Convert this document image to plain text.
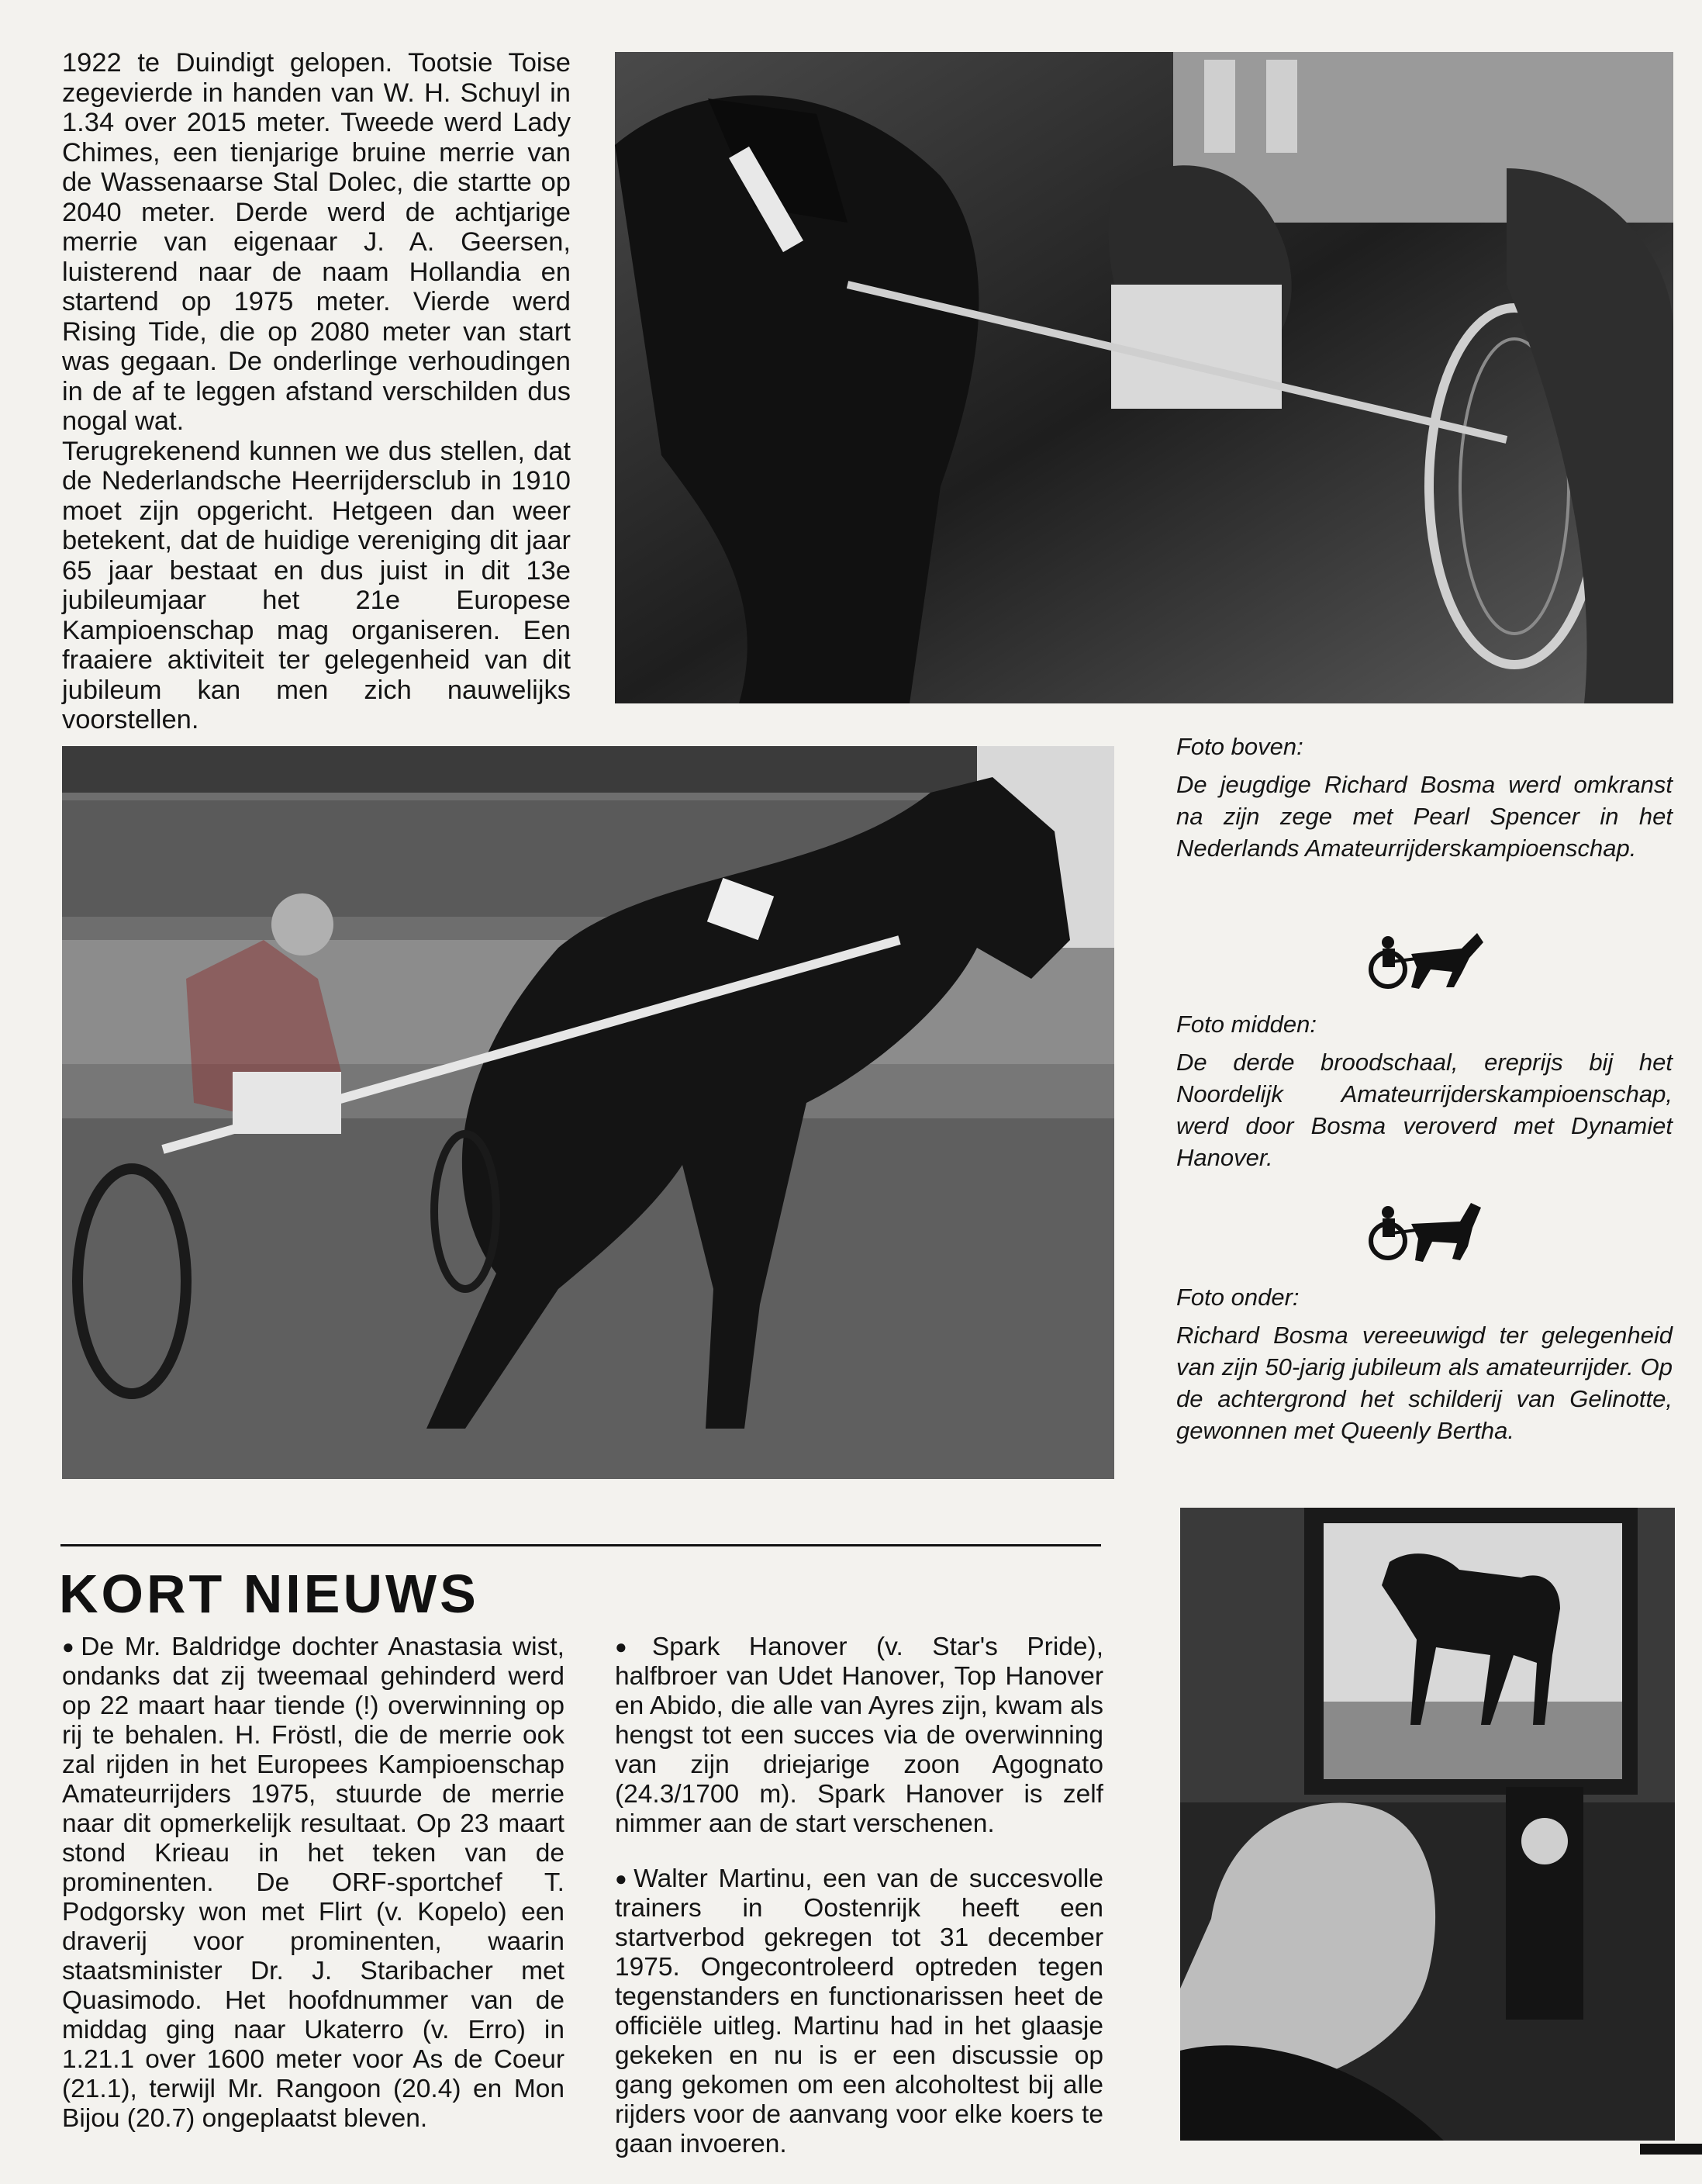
1922 te Duindigt gelopen. Tootsie Toise zegevierde in handen van W. H. Schuyl in 1.34 over 2015 meter. Tweede werd Lady Chimes, een tienjarige bruine merrie van de Wassenaarse Stal Dolec, die startte op 2040 meter. Derde werd de achtjarige merrie van eigenaar J. A. Geersen, luisterend naar de naam Hollandia en startend op 1975 meter. Vierde werd Rising Tide, die op 2080 meter van start was gegaan. De onderlinge verhoudingen in de af te leggen afstand verschilden dus nogal wat.

Terugrekenend kunnen we dus stellen, dat de Nederlandsche Heerrijdersclub in 1910 moet zijn opgericht. Hetgeen dan weer betekent, dat de huidige vereniging dit jaar 65 jaar bestaat en dus juist in dit 13e jubileumjaar het 21e Europese Kampioenschap mag organiseren. Een fraaiere aktiviteit ter gelegenheid van dit jubileum kan men zich nauwelijks voorstellen.

Foto boven:
De jeugdige Richard Bosma werd omkranst na zijn zege met Pearl Spencer in het Nederlands Amateurrijderskampioenschap.
Foto midden:
De derde broodschaal, ereprijs bij het Noordelijk Amateurrijderskampioenschap, werd door Bosma veroverd met Dynamiet Hanover.
Foto onder:
Richard Bosma vereeuwigd ter gelegenheid van zijn 50-jarig jubileum als amateurrijder. Op de achtergrond het schilderij van Gelinotte, gewonnen met Queenly Bertha.
KORT NIEUWS

● De Mr. Baldridge dochter Anastasia wist, ondanks dat zij tweemaal gehinderd werd op 22 maart haar tiende (!) overwinning op rij te behalen. H. Fröstl, die de merrie ook zal rijden in het Europees Kampioenschap Amateurrijders 1975, stuurde de merrie naar dit opmerkelijk resultaat. Op 23 maart stond Krieau in het teken van de prominenten. De ORF-sportchef T. Podgorsky won met Flirt (v. Kopelo) een draverij voor prominenten, waarin staatsminister Dr. J. Staribacher met Quasimodo. Het hoofdnummer van de middag ging naar Ukaterro (v. Erro) in 1.21.1 over 1600 meter voor As de Coeur (21.1), terwijl Mr. Rangoon (20.4) en Mon Bijou (20.7) ongeplaatst bleven.

● Spark Hanover (v. Star's Pride), halfbroer van Udet Hanover, Top Hanover en Abido, die alle van Ayres zijn, kwam als hengst tot een succes via de overwinning van zijn driejarige zoon Agognato (24.3/1700 m). Spark Hanover is zelf nimmer aan de start verschenen.

● Walter Martinu, een van de succesvolle trainers in Oostenrijk heeft een startverbod gekregen tot 31 december 1975. Ongecontroleerd optreden tegen tegenstanders en functionarissen heet de officiële uitleg. Martinu had in het glaasje gekeken en nu is er een discussie op gang gekomen om een alcoholtest bij alle rijders voor de aanvang voor elke koers te gaan invoeren.
